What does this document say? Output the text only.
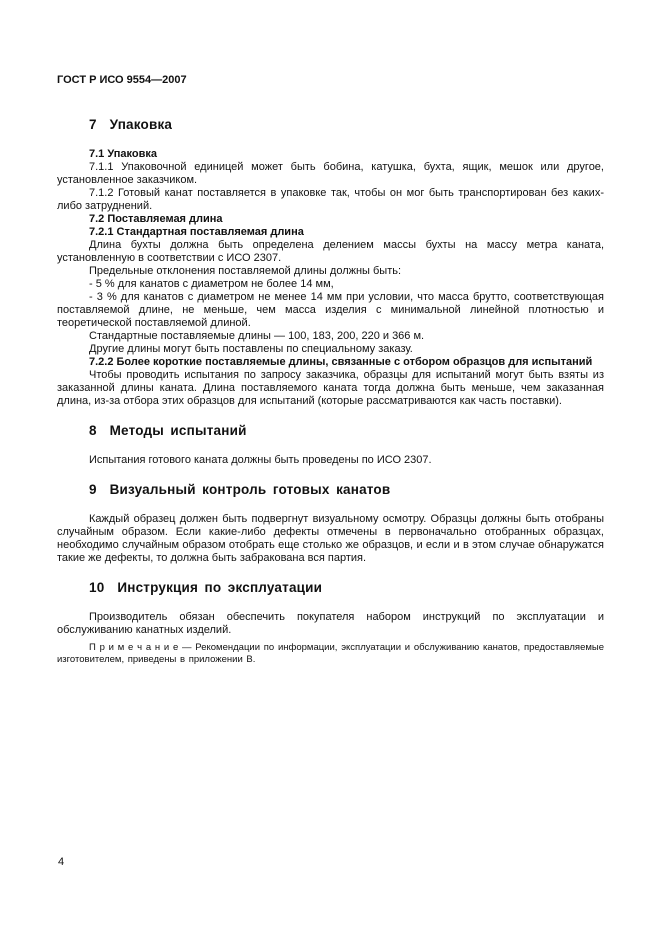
ГОСТ Р ИСО 9554—2007
7  Упаковка

7.1 Упаковка

7.1.1 Упаковочной единицей может быть бобина, катушка, бухта, ящик, мешок или другое, установленное заказчиком.

7.1.2 Готовый канат поставляется в упаковке так, чтобы он мог быть транспортирован без каких-либо затруднений.

7.2 Поставляемая длина

7.2.1 Стандартная поставляемая длина

Длина бухты должна быть определена делением массы бухты на массу метра каната, установленную в соответствии с ИСО 2307.

Предельные отклонения поставляемой длины должны быть:

- 5 % для канатов с диаметром не более 14 мм,

- 3 % для канатов с диаметром не менее 14 мм при условии, что масса брутто, соответствующая поставляемой длине, не меньше, чем масса изделия с минимальной линейной плотностью и теоретической поставляемой длиной.

Стандартные поставляемые длины — 100, 183, 200, 220 и 366 м.

Другие длины могут быть поставлены по специальному заказу.

7.2.2 Более короткие поставляемые длины, связанные с отбором образцов для испытаний

Чтобы проводить испытания по запросу заказчика, образцы для испытаний могут быть взяты из заказанной длины каната. Длина поставляемого каната тогда должна быть меньше, чем заказанная длина, из-за отбора этих образцов для испытаний (которые рассматриваются как часть поставки).

8  Методы испытаний

Испытания готового каната должны быть проведены по ИСО 2307.

9  Визуальный контроль готовых канатов

Каждый образец должен быть подвергнут визуальному осмотру. Образцы должны быть отобраны случайным образом. Если какие-либо дефекты отмечены в первоначально отобранных образцах, необходимо случайным образом отобрать еще столько же образцов, и если и в этом случае обнаружатся такие же дефекты, то должна быть забракована вся партия.

10  Инструкция по эксплуатации

Производитель обязан обеспечить покупателя набором инструкций по эксплуатации и обслуживанию канатных изделий.

П р и м е ч а н и е — Рекомендации по информации, эксплуатации и обслуживанию канатов, предоставляемые изготовителем, приведены в приложении В.

4
